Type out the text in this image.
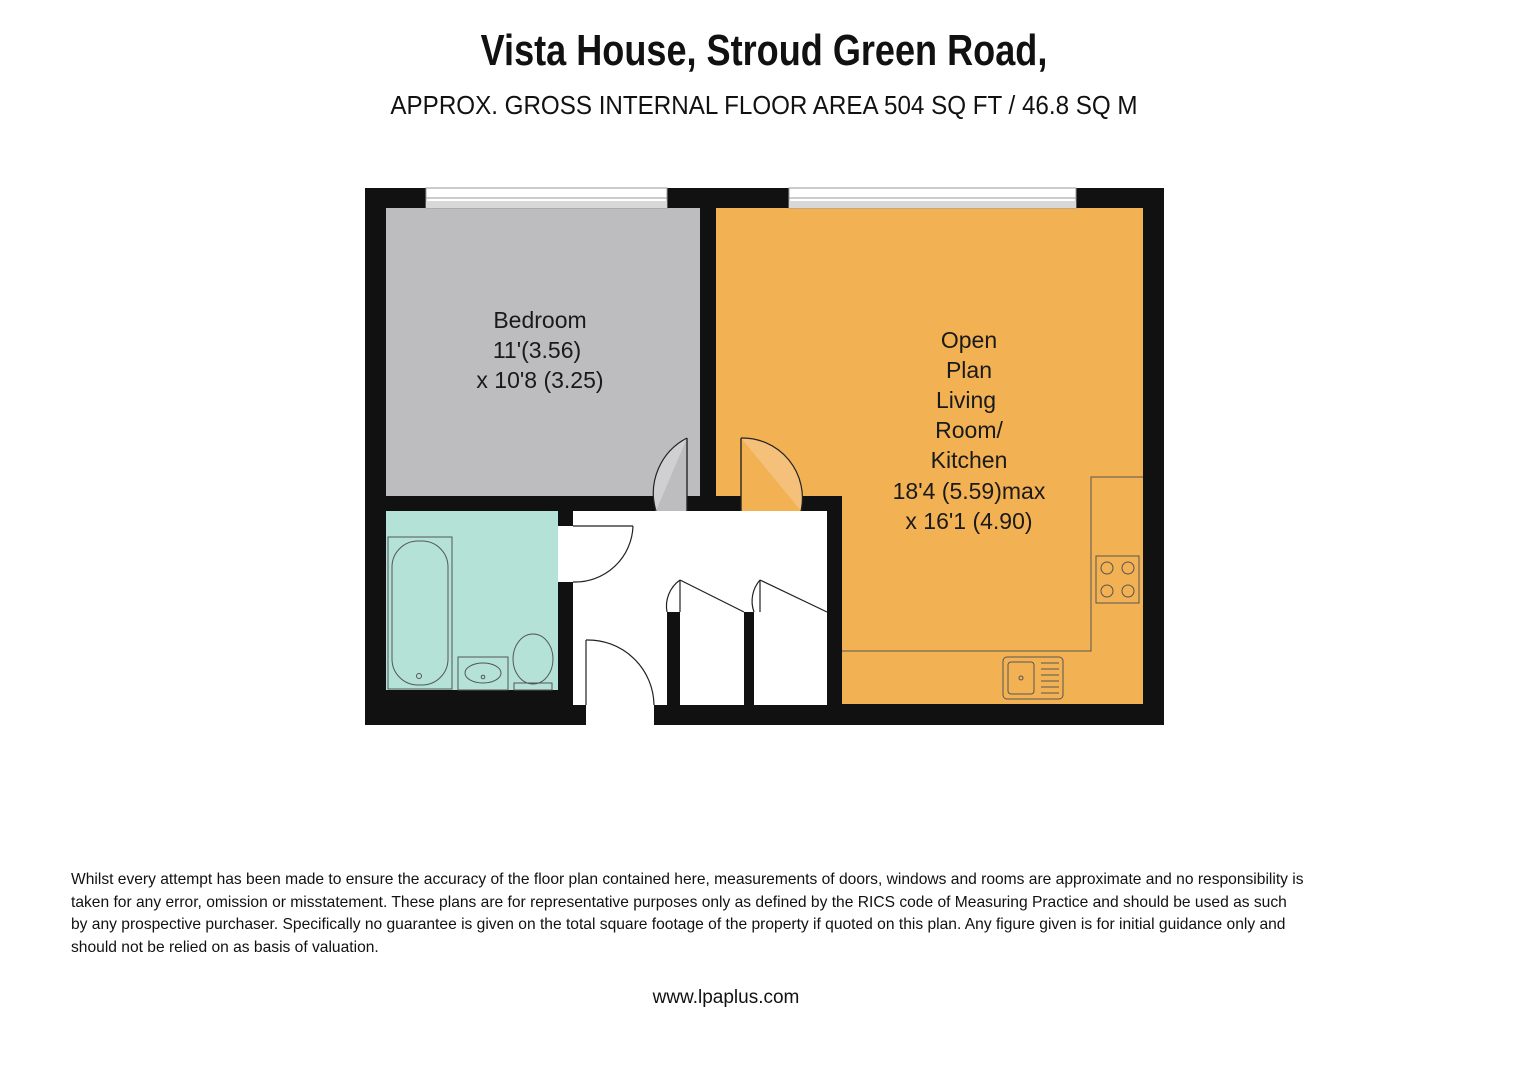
Vista House, Stroud Green Road,
APPROX. GROSS INTERNAL FLOOR AREA 504 SQ FT / 46.8 SQ M
Bedroom
11'(3.56)
x 10'8 (3.25)
Open
Plan
Living
Room/
Kitchen
18'4 (5.59)max
x 16'1 (4.90)
Whilst every attempt has been made to ensure the accuracy of the floor plan contained here, measurements of doors, windows and rooms are approximate and no responsibility is
taken for any error, omission or misstatement. These plans are for representative purposes only as defined by the RICS code of Measuring Practice and should be used as such
by any prospective purchaser. Specifically no guarantee is given on the total square footage of the property if quoted on this plan. Any figure given is for initial guidance only and
should not be relied on as basis of valuation.
www.lpaplus.com
